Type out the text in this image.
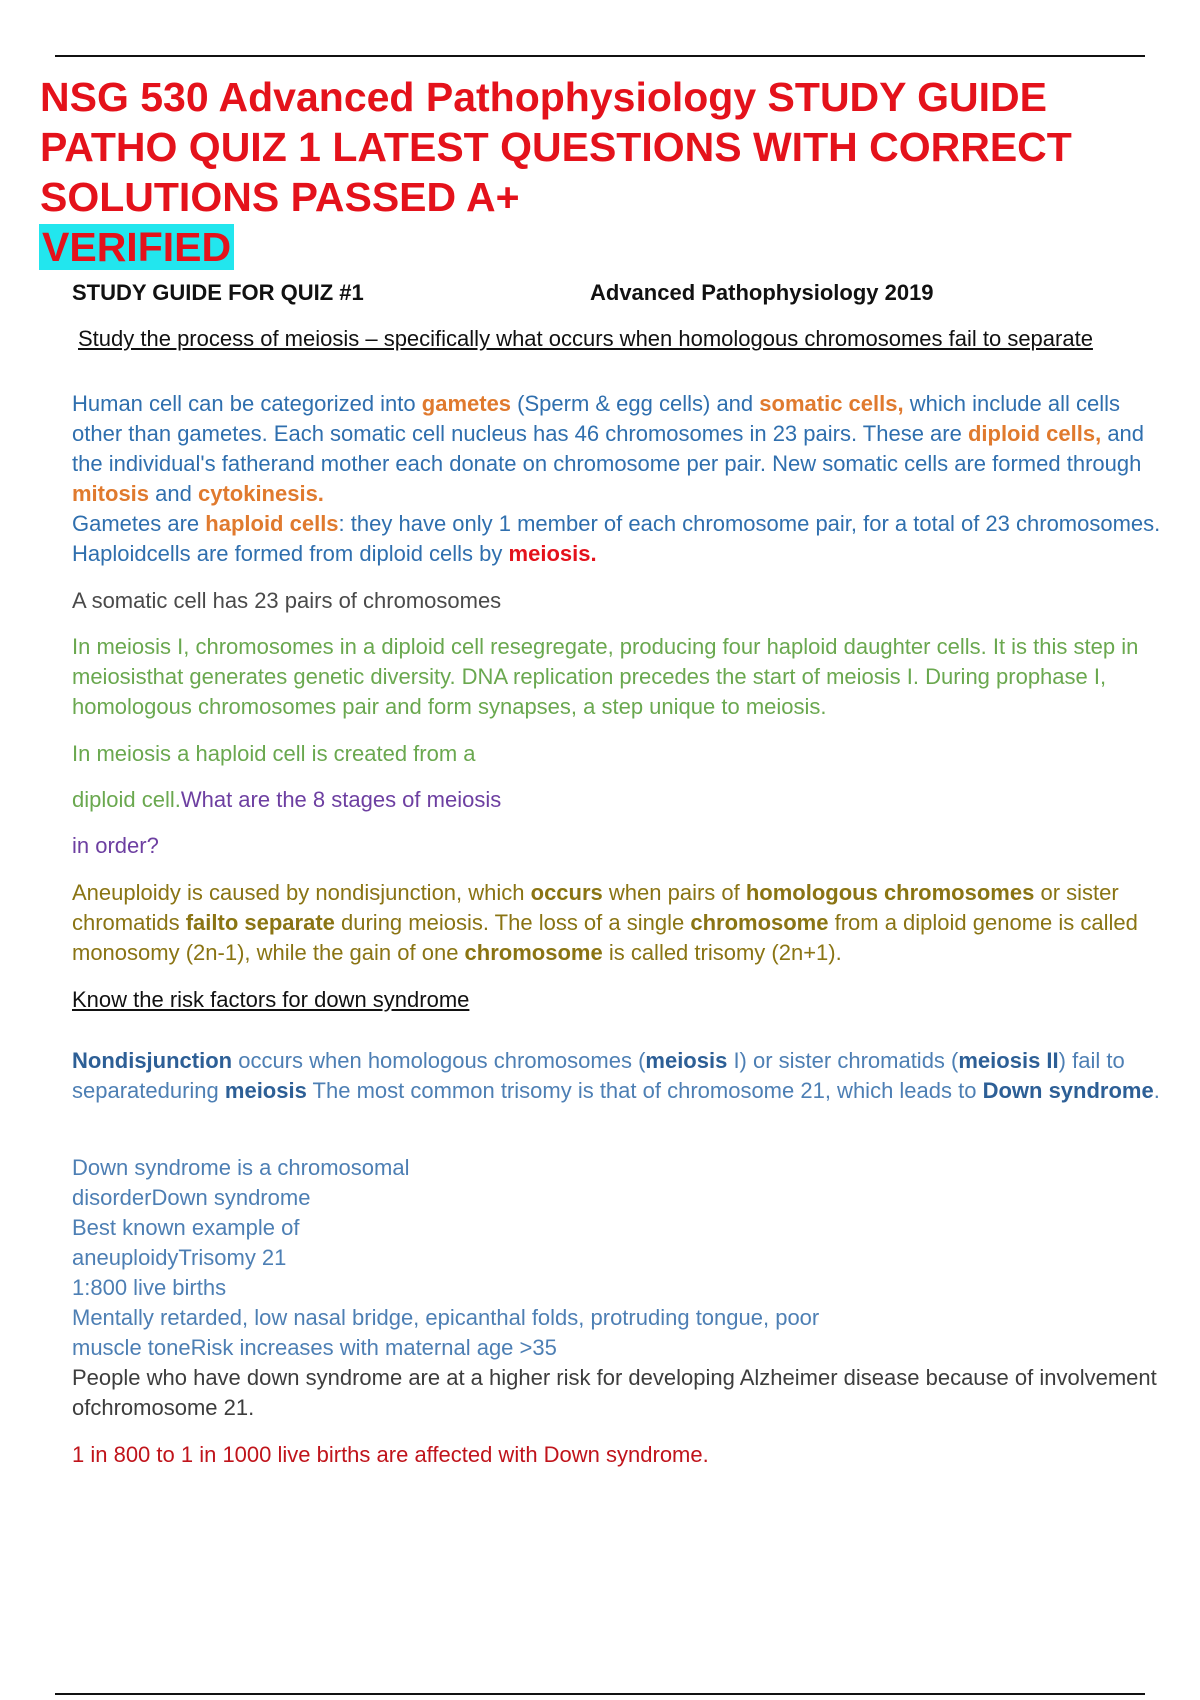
NSG 530 Advanced Pathophysiology STUDY GUIDE
PATHO QUIZ 1 LATEST QUESTIONS WITH CORRECT
SOLUTIONS PASSED A+
VERIFIED
STUDY GUIDE FOR QUIZ #1	Advanced Pathophysiology 2019
Study the process of meiosis – specifically what occurs when homologous chromosomes fail to separate
Human cell can be categorized into gametes (Sperm & egg cells) and somatic cells, which include all cells other than gametes. Each somatic cell nucleus has 46 chromosomes in 23 pairs. These are diploid cells, and the individual's fatherand mother each donate on chromosome per pair. New somatic cells are formed through mitosis and cytokinesis.
Gametes are haploid cells: they have only 1 member of each chromosome pair, for a total of 23 chromosomes. Haploidcells are formed from diploid cells by meiosis.
A somatic cell has 23 pairs of chromosomes
In meiosis I, chromosomes in a diploid cell resegregate, producing four haploid daughter cells. It is this step in meiosisthat generates genetic diversity. DNA replication precedes the start of meiosis I. During prophase I, homologous chromosomes pair and form synapses, a step unique to meiosis.
In meiosis a haploid cell is created from a
diploid cell.What are the 8 stages of meiosis
in order?
Aneuploidy is caused by nondisjunction, which occurs when pairs of homologous chromosomes or sister chromatids failto separate during meiosis. The loss of a single chromosome from a diploid genome is called monosomy (2n-1), while the gain of one chromosome is called trisomy (2n+1).
Know the risk factors for down syndrome
Nondisjunction occurs when homologous chromosomes (meiosis I) or sister chromatids (meiosis II) fail to separateduring meiosis The most common trisomy is that of chromosome 21, which leads to Down syndrome.
Down syndrome is a chromosomal
disorderDown syndrome
Best known example of
aneuploidyTrisomy 21
1:800 live births
Mentally retarded, low nasal bridge, epicanthal folds, protruding tongue, poor
muscle toneRisk increases with maternal age >35
People who have down syndrome are at a higher risk for developing Alzheimer disease because of involvement ofchromosome 21.
1 in 800 to 1 in 1000 live births are affected with Down syndrome.
